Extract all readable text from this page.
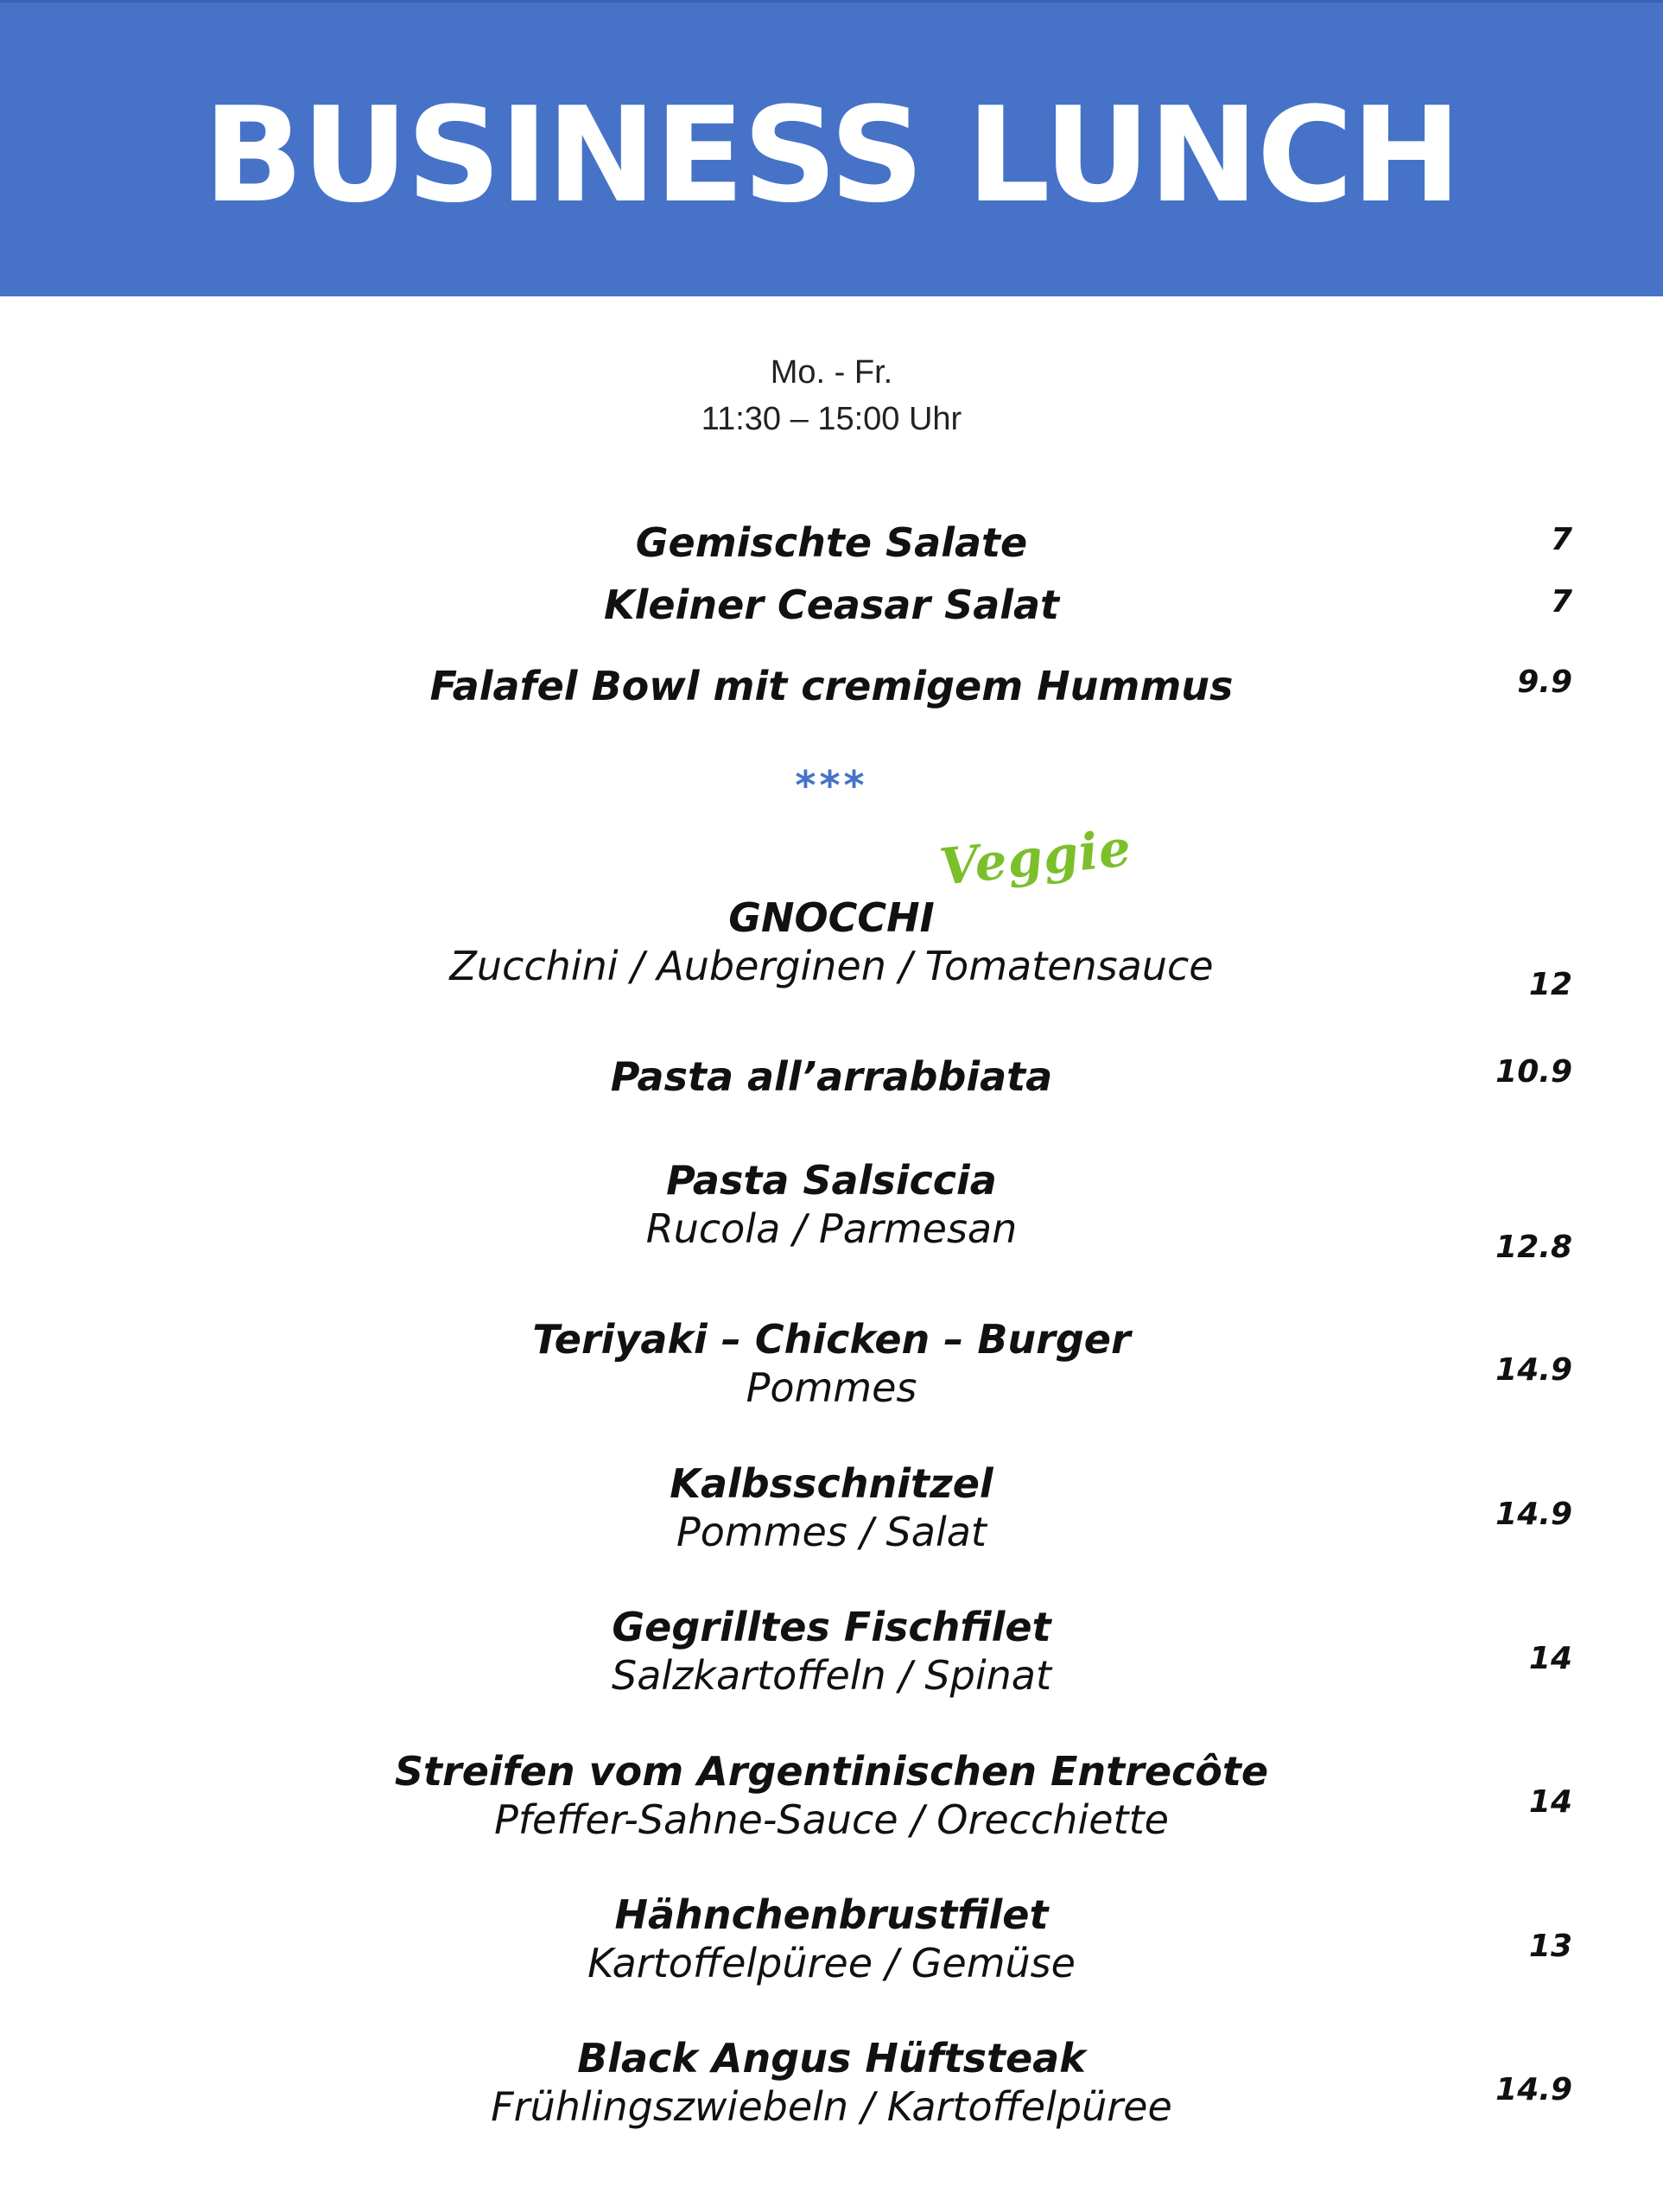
BUSINESS LUNCH
Mo. - Fr.
11:30 – 15:00 Uhr
Gemischte Salate	7
Kleiner Ceasar Salat	7
Falafel Bowl mit cremigem Hummus	9.9
***
Veggie
GNOCCHI
Zucchini / Auberginen / Tomatensauce	12
Pasta all’arrabbiata	10.9
Pasta Salsiccia
Rucola / Parmesan	12.8
Teriyaki – Chicken – Burger
Pommes	14.9
Kalbsschnitzel
Pommes / Salat	14.9
Gegrilltes Fischfilet
Salzkartoffeln / Spinat	14
Streifen vom Argentinischen Entrecôte
Pfeffer-Sahne-Sauce / Orecchiette	14
Hähnchenbrustfilet
Kartoffelpüree / Gemüse	13
Black Angus Hüftsteak
Frühlingszwiebeln / Kartoffelpüree	14.9
